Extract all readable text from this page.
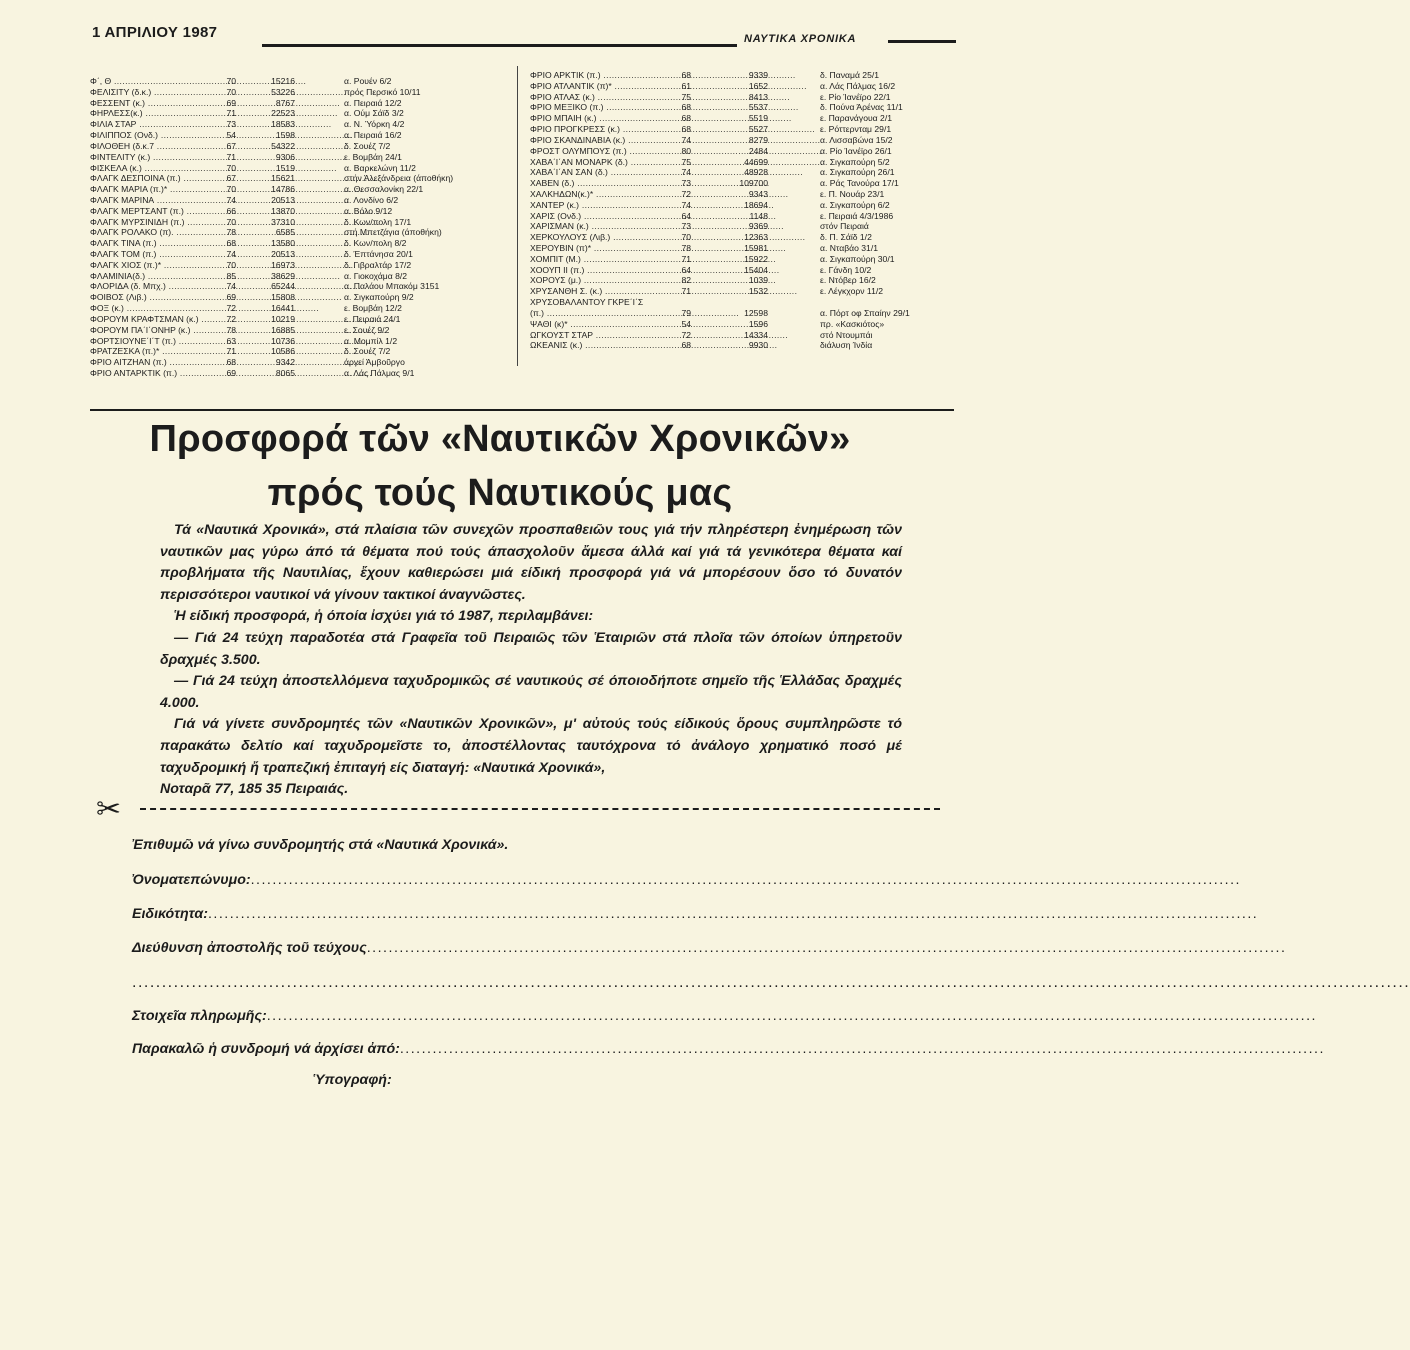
1 ΑΠΡΙΛΙΟΥ 1987	ΝΑΥΤΙΚΑ ΧΡΟΝΙΚΑ
Φ΄, Θ .....	70	15216	α. Ρουέν 6/2
ΦΕΛΙΣΙΤΥ (δ.κ.) .....	70	53226	πρός Περσικό 10/11
ΦΕΣΣΕΝΤ (κ.) .....	69	8767	α. Πειραιά 12/2
ΦΗΡΛΕΣΣ(κ.) .....	71	22523	α. Ούμ Σάϊδ 3/2
ΦΙΛΙΑ ΣΤΑΡ .....	73	18583	α. Ν. Ύόρκη 4/2
ΦΙΛΙΠΠΟΣ (Ονδ.) .....	54	1598	α. Πειραιά 16/2
ΦΙΛΟΘΕΗ (δ.κ.7 .....	67	54322	δ. Σουέζ 7/2
ΦΙΝΤΕΛΙΤΥ (κ.) .....	71	9306	ε. Βομβάη 24/1
ΦΙΣΚΕΛΑ (κ.) .....	70	1519	α. Βαρκελώνη 11/2
ΦΛΑΓΚ ΔΕΣΠΟΙΝΑ (π.) .....	67	15621	στήν Άλεξάνδρεια (άποθήκη)
ΦΛΑΓΚ ΜΑΡΙΑ (π.)* .....	70	14786	α. Θεσσαλονίκη 22/1
ΦΛΑΓΚ ΜΑΡΙΝΑ .....	74	20513	α. Λονδίνο 6/2
ΦΛΑΓΚ ΜΕΡΤΣΑΝΤ (π.) .....	66	13870	α. Βόλο 9/12
ΦΛΑΓΚ ΜΥΡΣΙΝΙΔΗ (π.) .....	70	37310	δ. Κων/πολη 17/1
ΦΛΑΓΚ ΡΟΛΑΚΟ (π). .....	78	6585	στή Μπετζάγια (άποθήκη)
ΦΛΑΓΚ ΤΙΝΑ (π.) .....	68	13580	δ. Κων/πολη 8/2
ΦΛΑΓΚ ΤΟΜ (π.) .....	74	20513	δ. Έπτάνησα 20/1
ΦΛΑΓΚ ΧΙΟΣ (π.)* .....	70	16973	δ. Γιβραλτάρ 17/2
ΦΛΑΜΙΝΙΑ(δ.) .....	85	38629	α. Γιοκοχάμα 8/2
ΦΛΟΡΙΔΑ (δ. Μπχ.) .....	74	65244	α. Παλάου Μπακόμ 3151
ΦΟΙΒΟΣ (Λιβ.) .....	69	15808	α. Σιγκαπούρη 9/2
ΦΟΞ (κ.) .....	72	16441	ε. Βομβάη 12/2
ΦΟΡΟΥΜ ΚΡΑΦΤΣΜΑΝ (κ.) .....	72	10219	ε. Πειραιά 24/1
ΦΟΡΟΥΜ ΠΑ΄Ι΄ΟΝΗΡ (κ.) .....	78	16885	ε. Σουέζ 9/2
ΦΟΡΤΣΙΟΥΝΕ΄Ι΄Τ (π.) .....	63	10736	α. Μομπίλ 1/2
ΦΡΑΤΖΕΣΚΑ (π.)* .....	71	10586	δ. Σουέζ 7/2
ΦΡΙΟ ΑΙΤΖΗΑΝ (π.) .....	68	9342	άργεί Άμβοῦργο
ΦΡΙΟ ΑΝΤΑΡΚΤΙΚ (π.) .....	69	8065	α. Λάς Πάλμας 9/1
ΦΡΙΟ ΑΡΚΤΙΚ (π.) .....	68	9339	δ. Παναμά 25/1
ΦΡΙΟ ΑΤΛΑΝΤΙΚ (π)* .....	61	1652	α. Λάς Πάλμας 16/2
ΦΡΙΟ ΑΤΛΑΣ (κ.) .....	75	8413	ε. Ρίο Ίανέϊρο 22/1
ΦΡΙΟ ΜΕΞΙΚΟ (π.) .....	68	5537	δ. Πούνα Άρένας 11/1
ΦΡΙΟ ΜΠΑΙΗ (κ.) .....	68	5519	ε. Παρανάγουα 2/1
ΦΡΙΟ ΠΡΟΓΚΡΕΣΣ (κ.) .....	68	5527	ε. Ρόττερνταμ 29/1
ΦΡΙΟ ΣΚΑΝΔΙΝΑΒΙΑ (κ.) .....	74	8279	α. Λισσαβώνα 15/2
ΦΡΟΣΤ ΟΛΥΜΠΟΥΣ (π.) .....	80	2484	α. Ρίο Ίανέϊρο 26/1
ΧΑΒΑ΄Ι΄ΑΝ ΜΟΝΑΡΚ (δ.) .....	75	44699	α. Σιγκαπούρη 5/2
ΧΑΒΑ΄Ι΄ΑΝ ΣΑΝ (δ.) .....	74	48928	α. Σιγκαπούρη 26/1
ΧΑΒΕΝ (δ.) .....	73	109700	α. Ράς Τανούρα 17/1
ΧΑΛΚΗΔΩΝ(κ.)* .....	72	9343	ε. Π. Νουάρ 23/1
ΧΑΝΤΕΡ (κ.) .....	74	18694	α. Σιγκαπούρη 6/2
ΧΑΡΙΣ (Ονδ.) .....	64	1148	ε. Πειραιά 4/3/1986
ΧΑΡΙΣΜΑΝ (κ.) .....	73	9369	στόν Πειραιά
ΧΕΡΚΟΥΛΟΥΣ (Λιβ.) .....	70	12363	δ. Π. Σάϊδ 1/2
ΧΕΡΟΥΒΙΝ (π)* .....	78	15981	α. Νταβάο 31/1
ΧΟΜΠΙΤ (Μ.) .....	71	15922	α. Σιγκαπούρη 30/1
ΧΟΟΥΠ ΙΙ (π.) .....	64	15404	ε. Γάνδη 10/2
ΧΟΡΟΥΣ (μ.) .....	82	1039	ε. Ντόβερ 16/2
ΧΡΥΣΑΝΘΗ Σ. (κ.) .....	71	1532	ε. Λέγκχορν 11/2
ΧΡΥΣΟΒΑΛΑΝΤΟΥ ΓΚΡΕ΄Ι΄Σ
(π.) .....	79	12598	α. Πόρτ οφ Σπαίην 29/1
ΨΑΘΙ (κ)* .....	54	1596	πρ. «Κασκιότος»
ΩΓΚΟΥΣΤ ΣΤΑΡ .....	72	14334	στό Ντουμπάι
ΩΚΕΑΝΙΣ (κ.) .....	68	9930	διάλυση Ίνδία
Προσφορά τῶν «Ναυτικῶν Χρονικῶν»
πρός τούς Ναυτικούς μας

Τά «Ναυτικά Χρονικά», στά πλαίσια τῶν συνεχῶν προσπαθειῶν τους γιά τήν πληρέστερη ἐνημέρωση τῶν ναυτικῶν μας γύρω άπό τά θέματα πού τούς άπασχολοῦν ἄμεσα άλλά καί γιά τά γενικότερα θέματα καί προβλήματα τῆς Ναυτιλίας, ἔχουν καθιερώσει μιά είδική προσφορά γιά νά μπορέσουν ὅσο τό δυνατόν περισσότεροι ναυτικοί νά γίνουν τακτικοί άναγνῶστες.

Ἡ είδική προσφορά, ἡ όποία ἰσχύει γιά τό 1987, περιλαμβάνει:

— Γιά 24 τεύχη παραδοτέα στά Γραφεῖα τοῦ Πειραιῶς τῶν Ἑταιριῶν στά πλοῖα τῶν όποίων ὑπηρετοῦν δραχμές 3.500.

— Γιά 24 τεύχη ἀποστελλόμενα ταχυδρομικῶς σέ ναυτικούς σέ όποιοδήποτε σημεῖο τῆς Ἑλλάδας δραχμές 4.000.

Γιά νά γίνετε συνδρομητές τῶν «Ναυτικῶν Χρονικῶν», μ' αὐτούς τούς είδικούς ὅρους συμπληρῶστε τό παρακάτω δελτίο καί ταχυδρομεῖστε το, ἀποστέλλοντας ταυτόχρονα τό ἀνάλογο χρηματικό ποσό μέ ταχυδρομική ἤ τραπεζική ἐπιταγή είς διαταγή: «Ναυτικά Χρονικά»,

Νοταρᾶ 77, 185 35 Πειραιάς.

✂
Ἐπιθυμῶ νά γίνω συνδρομητής στά «Ναυτικά Χρονικά».
Ὀνοματεπώνυμο:......................................................................................................................................................................................
Ειδικότητα:.................................................................................................................................................................................................
Διεύθυνση ἀποστολῆς τοῦ τεύχους.........................................................................................................................................................................
.......................................................................................................................................................................................................................
Στοιχεῖα πληρωμῆς:.................................................................................................................................................................................................
Παρακαλῶ ἡ συνδρομή νά ἀρχίσει ἀπό:..........................................................................................................................................................................
Ὑπογραφή:
